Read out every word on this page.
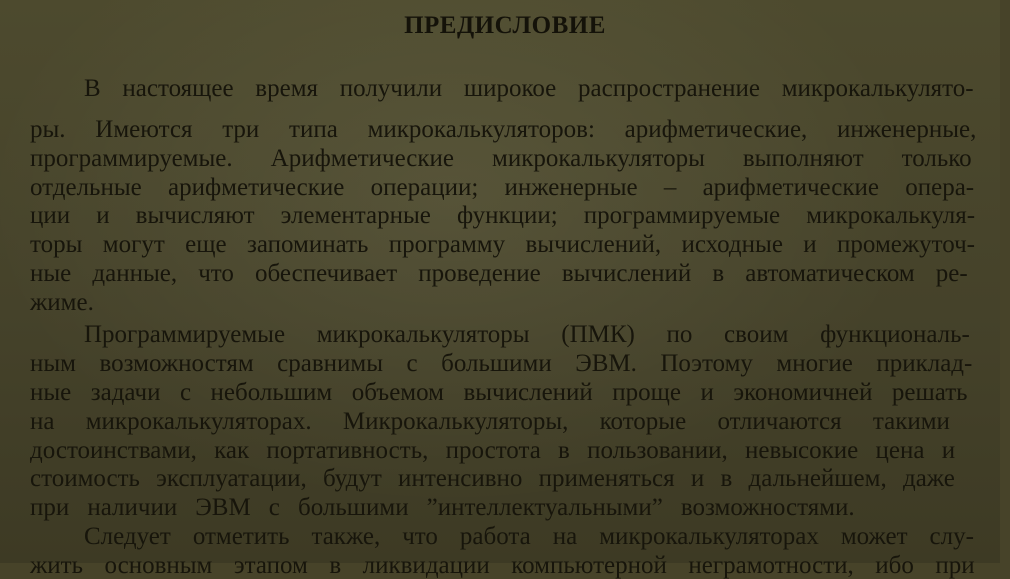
ПРЕДИСЛОВИЕ
В настоящее время получили широкое распространение микрокалькулято-
ры. Имеются три типа микрокалькуляторов: арифметические, инженерные,
программируемые. Арифметические микрокалькуляторы выполняют только
отдельные арифметические операции; инженерные – арифметические опера-
ции и вычисляют элементарные функции; программируемые микрокалькуля-
торы могут еще запоминать программу вычислений, исходные и промежуточ-
ные данные, что обеспечивает проведение вычислений в автоматическом ре-
жиме.
Программируемые микрокалькуляторы (ПМК) по своим функциональ-
ным возможностям сравнимы с большими ЭВМ. Поэтому многие приклад-
ные задачи с небольшим объемом вычислений проще и экономичней решать
на микрокалькуляторах. Микрокалькуляторы, которые отличаются такими
достоинствами, как портативность, простота в пользовании, невысокие цена и
стоимость эксплуатации, будут интенсивно применяться и в дальнейшем, даже
при наличии ЭВМ с большими ”интеллектуальными” возможностями.
Следует отметить также, что работа на микрокалькуляторах может слу-
жить основным этапом в ликвидации компьютерной неграмотности, ибо при
